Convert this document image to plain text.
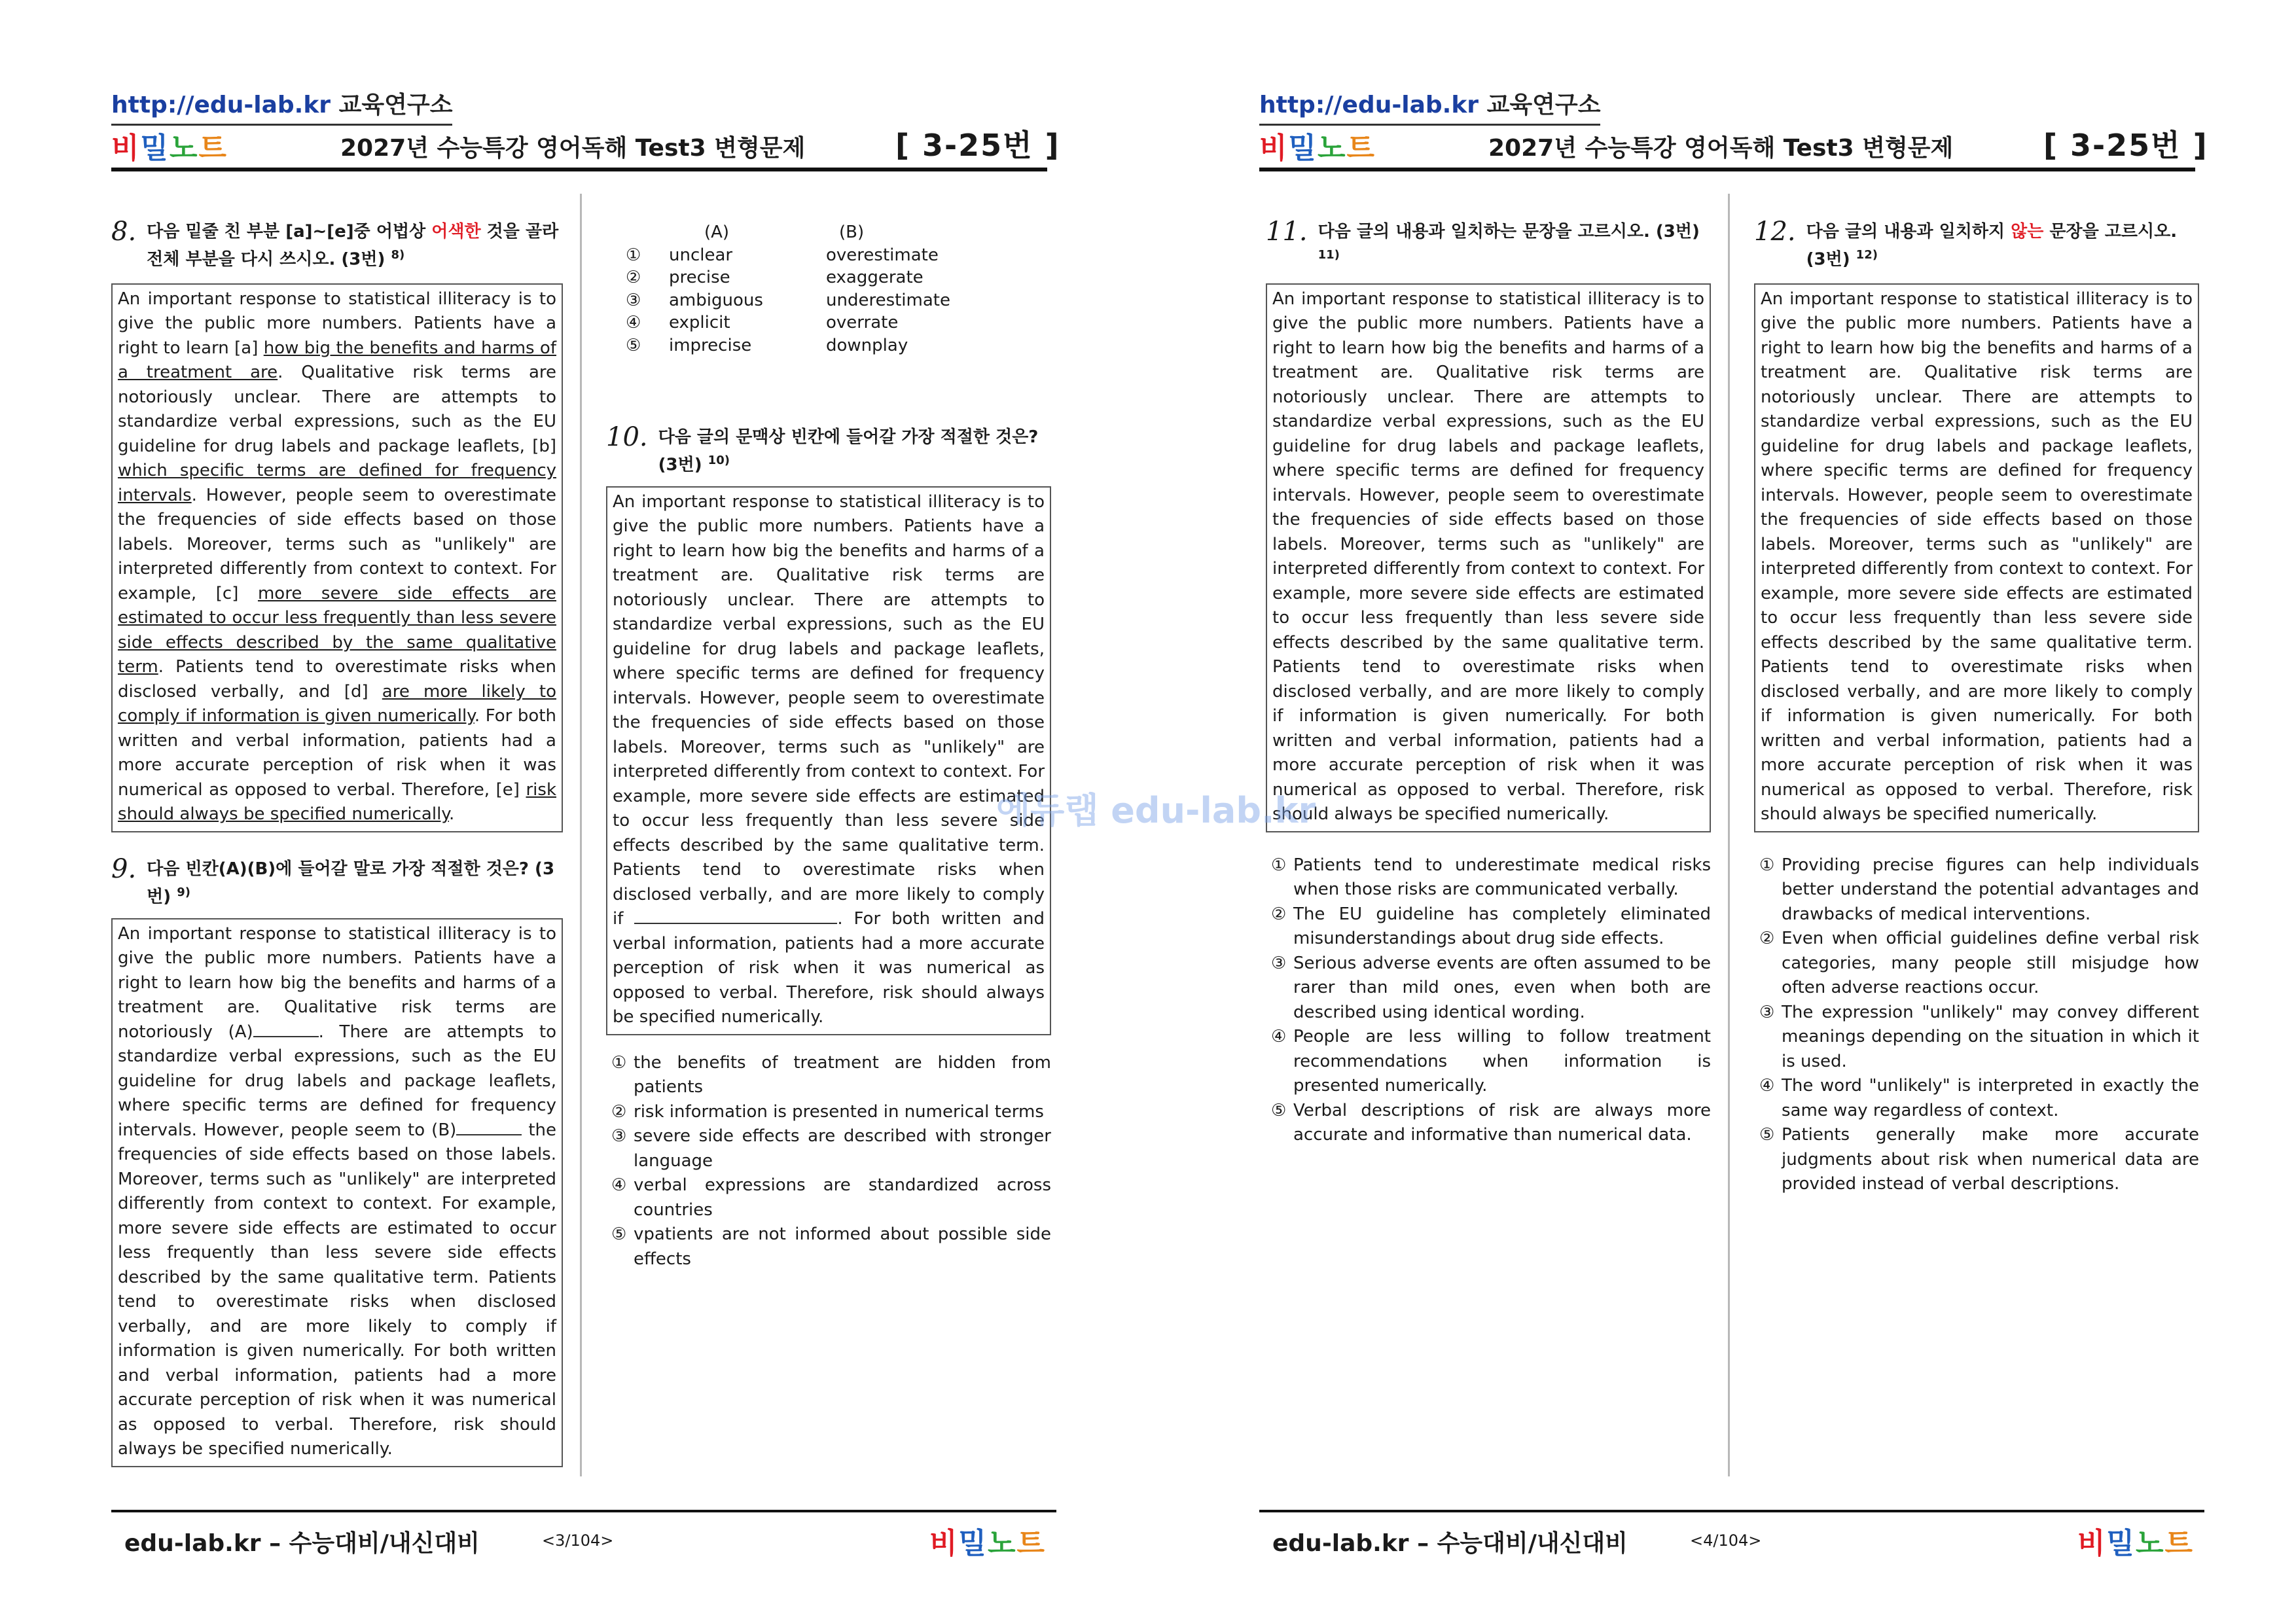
http://edu-lab.kr 교육연구소
비밀노트	2027년 수능특강 영어독해 Test3 변형문제	[ 3-25번 ]
8. 다음 밑줄 친 부분 [a]~[e]중 어법상 어색한 것을 골라 전체 부분을 다시 쓰시오. (3번) $^{8)}$
An important response to statistical illiteracy is to give the public more numbers. Patients have a right to learn [a] how big the benefits and harms of a treatment are. Qualitative risk terms are notoriously unclear. There are attempts to standardize verbal expressions, such as the EU guideline for drug labels and package leaflets, [b] which specific terms are defined for frequency intervals. However, people seem to overestimate the frequencies of side effects based on those labels. Moreover, terms such as "unlikely" are interpreted differently from context to context. For example, [c] more severe side effects are estimated to occur less frequently than less severe side effects described by the same qualitative term. Patients tend to overestimate risks when disclosed verbally, and [d] are more likely to comply if information is given numerically. For both written and verbal information, patients had a more accurate perception of risk when it was numerical as opposed to verbal. Therefore, [e] risk should always be specified numerically.
9. 다음 빈칸(A)(B)에 들어갈 말로 가장 적절한 것은? (3번) $^{9)}$
An important response to statistical illiteracy is to give the public more numbers. Patients have a right to learn how big the benefits and harms of a treatment are. Qualitative risk terms are notoriously (A)	. There are attempts to standardize verbal expressions, such as the EU guideline for drug labels and package leaflets, where specific terms are defined for frequency intervals. However, people seem to (B)	the frequencies of side effects based on those labels. Moreover, terms such as "unlikely" are interpreted differently from context to context. For example, more severe side effects are estimated to occur less frequently than less severe side effects described by the same qualitative term. Patients tend to overestimate risks when disclosed verbally, and are more likely to comply if information is given numerically. For both written and verbal information, patients had a more accurate perception of risk when it was numerical as opposed to verbal. Therefore, risk should always be specified numerically.
(A)	(B)
①	unclear	overestimate
②	precise	exaggerate
③	ambiguous	underestimate
④	explicit	overrate
⑤	imprecise	downplay
10. 다음 글의 문맥상 빈칸에 들어갈 가장 적절한 것은? (3번) $^{10)}$
An important response to statistical illiteracy is to give the public more numbers. Patients have a right to learn how big the benefits and harms of a treatment are. Qualitative risk terms are notoriously unclear. There are attempts to standardize verbal expressions, such as the EU guideline for drug labels and package leaflets, where specific terms are defined for frequency intervals. However, people seem to overestimate the frequencies of side effects based on those labels. Moreover, terms such as "unlikely" are interpreted differently from context to context. For example, more severe side effects are estimated to occur less frequently than less severe side effects described by the same qualitative term. Patients tend to overestimate risks when disclosed verbally, and are more likely to comply if	. For both written and verbal information, patients had a more accurate perception of risk when it was numerical as opposed to verbal. Therefore, risk should always be specified numerically.
① the benefits of treatment are hidden from patients
② risk information is presented in numerical terms
③ severe side effects are described with stronger language
④ verbal expressions are standardized across countries
⑤ vpatients are not informed about possible side effects
edu-lab.kr – 수능대비/내신대비	<3/104>	비밀노트
http://edu-lab.kr 교육연구소
비밀노트	2027년 수능특강 영어독해 Test3 변형문제	[ 3-25번 ]
11. 다음 글의 내용과 일치하는 문장을 고르시오. (3번) $^{11)}$
An important response to statistical illiteracy is to give the public more numbers. Patients have a right to learn how big the benefits and harms of a treatment are. Qualitative risk terms are notoriously unclear. There are attempts to standardize verbal expressions, such as the EU guideline for drug labels and package leaflets, where specific terms are defined for frequency intervals. However, people seem to overestimate the frequencies of side effects based on those labels. Moreover, terms such as "unlikely" are interpreted differently from context to context. For example, more severe side effects are estimated to occur less frequently than less severe side effects described by the same qualitative term. Patients tend to overestimate risks when disclosed verbally, and are more likely to comply if information is given numerically. For both written and verbal information, patients had a more accurate perception of risk when it was numerical as opposed to verbal. Therefore, risk should always be specified numerically.
① Patients tend to underestimate medical risks when those risks are communicated verbally.
② The EU guideline has completely eliminated misunderstandings about drug side effects.
③ Serious adverse events are often assumed to be rarer than mild ones, even when both are described using identical wording.
④ People are less willing to follow treatment recommendations when information is presented numerically.
⑤ Verbal descriptions of risk are always more accurate and informative than numerical data.
12. 다음 글의 내용과 일치하지 않는 문장을 고르시오. (3번) $^{12)}$
An important response to statistical illiteracy is to give the public more numbers. Patients have a right to learn how big the benefits and harms of a treatment are. Qualitative risk terms are notoriously unclear. There are attempts to standardize verbal expressions, such as the EU guideline for drug labels and package leaflets, where specific terms are defined for frequency intervals. However, people seem to overestimate the frequencies of side effects based on those labels. Moreover, terms such as "unlikely" are interpreted differently from context to context. For example, more severe side effects are estimated to occur less frequently than less severe side effects described by the same qualitative term. Patients tend to overestimate risks when disclosed verbally, and are more likely to comply if information is given numerically. For both written and verbal information, patients had a more accurate perception of risk when it was numerical as opposed to verbal. Therefore, risk should always be specified numerically.
① Providing precise figures can help individuals better understand the potential advantages and drawbacks of medical interventions.
② Even when official guidelines define verbal risk categories, many people still misjudge how often adverse reactions occur.
③ The expression "unlikely" may convey different meanings depending on the situation in which it is used.
④ The word "unlikely" is interpreted in exactly the same way regardless of context.
⑤ Patients generally make more accurate judgments about risk when numerical data are provided instead of verbal descriptions.
edu-lab.kr – 수능대비/내신대비	<4/104>	비밀노트
에듀랩 edu-lab.kr
